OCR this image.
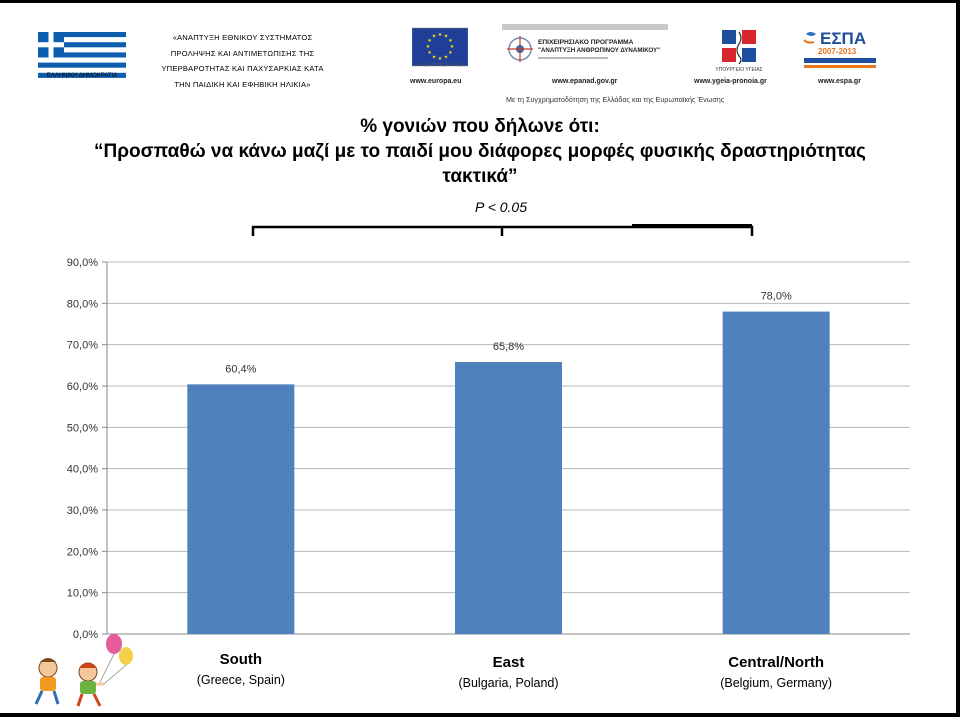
ΕΛΛΗΝΙΚΗ ΔΗΜΟΚΡΑΤΙΑ
«ΑΝΑΠΤΥΞΗ ΕΘΝΙΚΟΥ ΣΥΣΤΗΜΑΤΟΣ
ΠΡΟΛΗΨΗΣ ΚΑΙ ΑΝΤΙΜΕΤΩΠΙΣΗΣ ΤΗΣ
ΥΠΕΡΒΑΡΟΤΗΤΑΣ ΚΑΙ ΠΑΧΥΣΑΡΚΙΑΣ ΚΑΤΑ
ΤΗΝ ΠΑΙΔΙΚΗ ΚΑΙ ΕΦΗΒΙΚΗ ΗΛΙΚΙΑ»
★ ★
★
★
★
★
★
★
★
★
★
★
Ευρωπαϊκή Ένωση
ΕΠΙΧΕΙΡΗΣΙΑΚΟ ΠΡΟΓΡΑΜΜΑ
"ΑΝΑΠΤΥΞΗ ΑΝΘΡΩΠΙΝΟΥ ΔΥΝΑΜΙΚΟΥ"
ΥΠΟΥΡΓΕΙΟ ΥΓΕΙΑΣ
ΕΣΠΑ
2007-2013
www.europa.eu	www.epanad.gov.gr	www.ygeia-pronoia.gr	www.espa.gr
Με τη Συγχρηματοδότηση της Ελλάδας και της Ευρωπαϊκής Ένωσης
% γονιών που δήλωνε ότι:
“Προσπαθώ να κάνω μαζί με το παιδί μου διάφορες μορφές φυσικής δραστηριότητας
τακτικά”
P < 0.05
0,0%
10,0%
20,0%
30,0%
40,0%
50,0%
60,0%
70,0%
80,0%
90,0%
60,4%
65,8%
78,0%
South
(Greece, Spain)
East
(Bulgaria, Poland)
Central/North
(Belgium, Germany)
